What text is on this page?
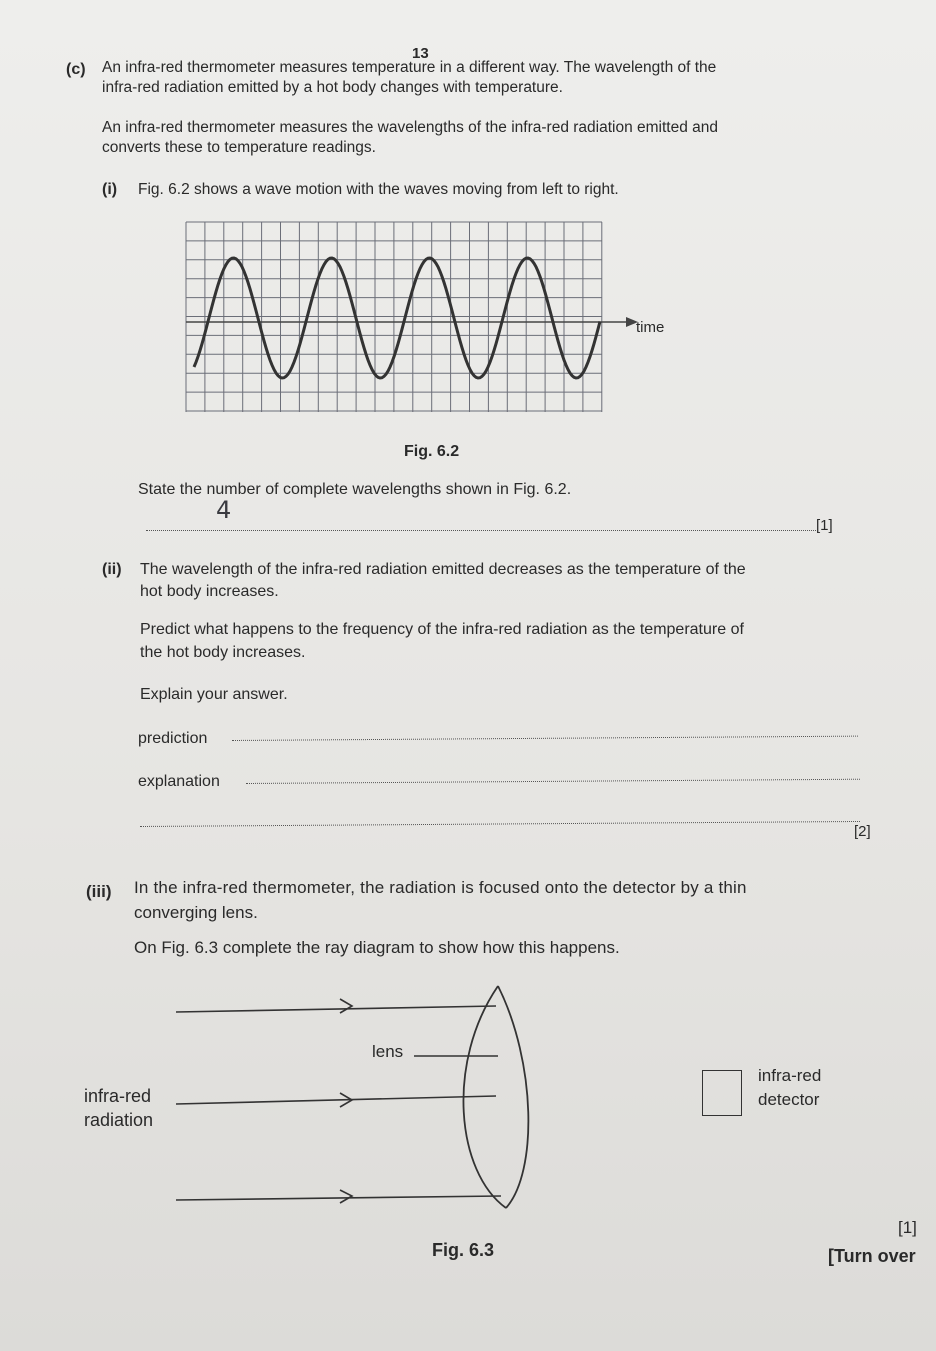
13
(c) An infra-red thermometer measures temperature in a different way. The wavelength of the
infra-red radiation emitted by a hot body changes with temperature.
An infra-red thermometer measures the wavelengths of the infra-red radiation emitted and
converts these to temperature readings.
(i) Fig. 6.2 shows a wave motion with the waves moving from left to right.
time
Fig. 6.2
State the number of complete wavelengths shown in Fig. 6.2.
4
[1]
(ii) The wavelength of the infra-red radiation emitted decreases as the temperature of the
hot body increases.
Predict what happens to the frequency of the infra-red radiation as the temperature of
the hot body increases.
Explain your answer.
prediction
explanation
[2]
(iii) In the infra-red thermometer, the radiation is focused onto the detector by a thin
converging lens.
On Fig. 6.3 complete the ray diagram to show how this happens.
lens
infra-red
radiation
infra-red
detector
Fig. 6.3
[1]
[Turn over
